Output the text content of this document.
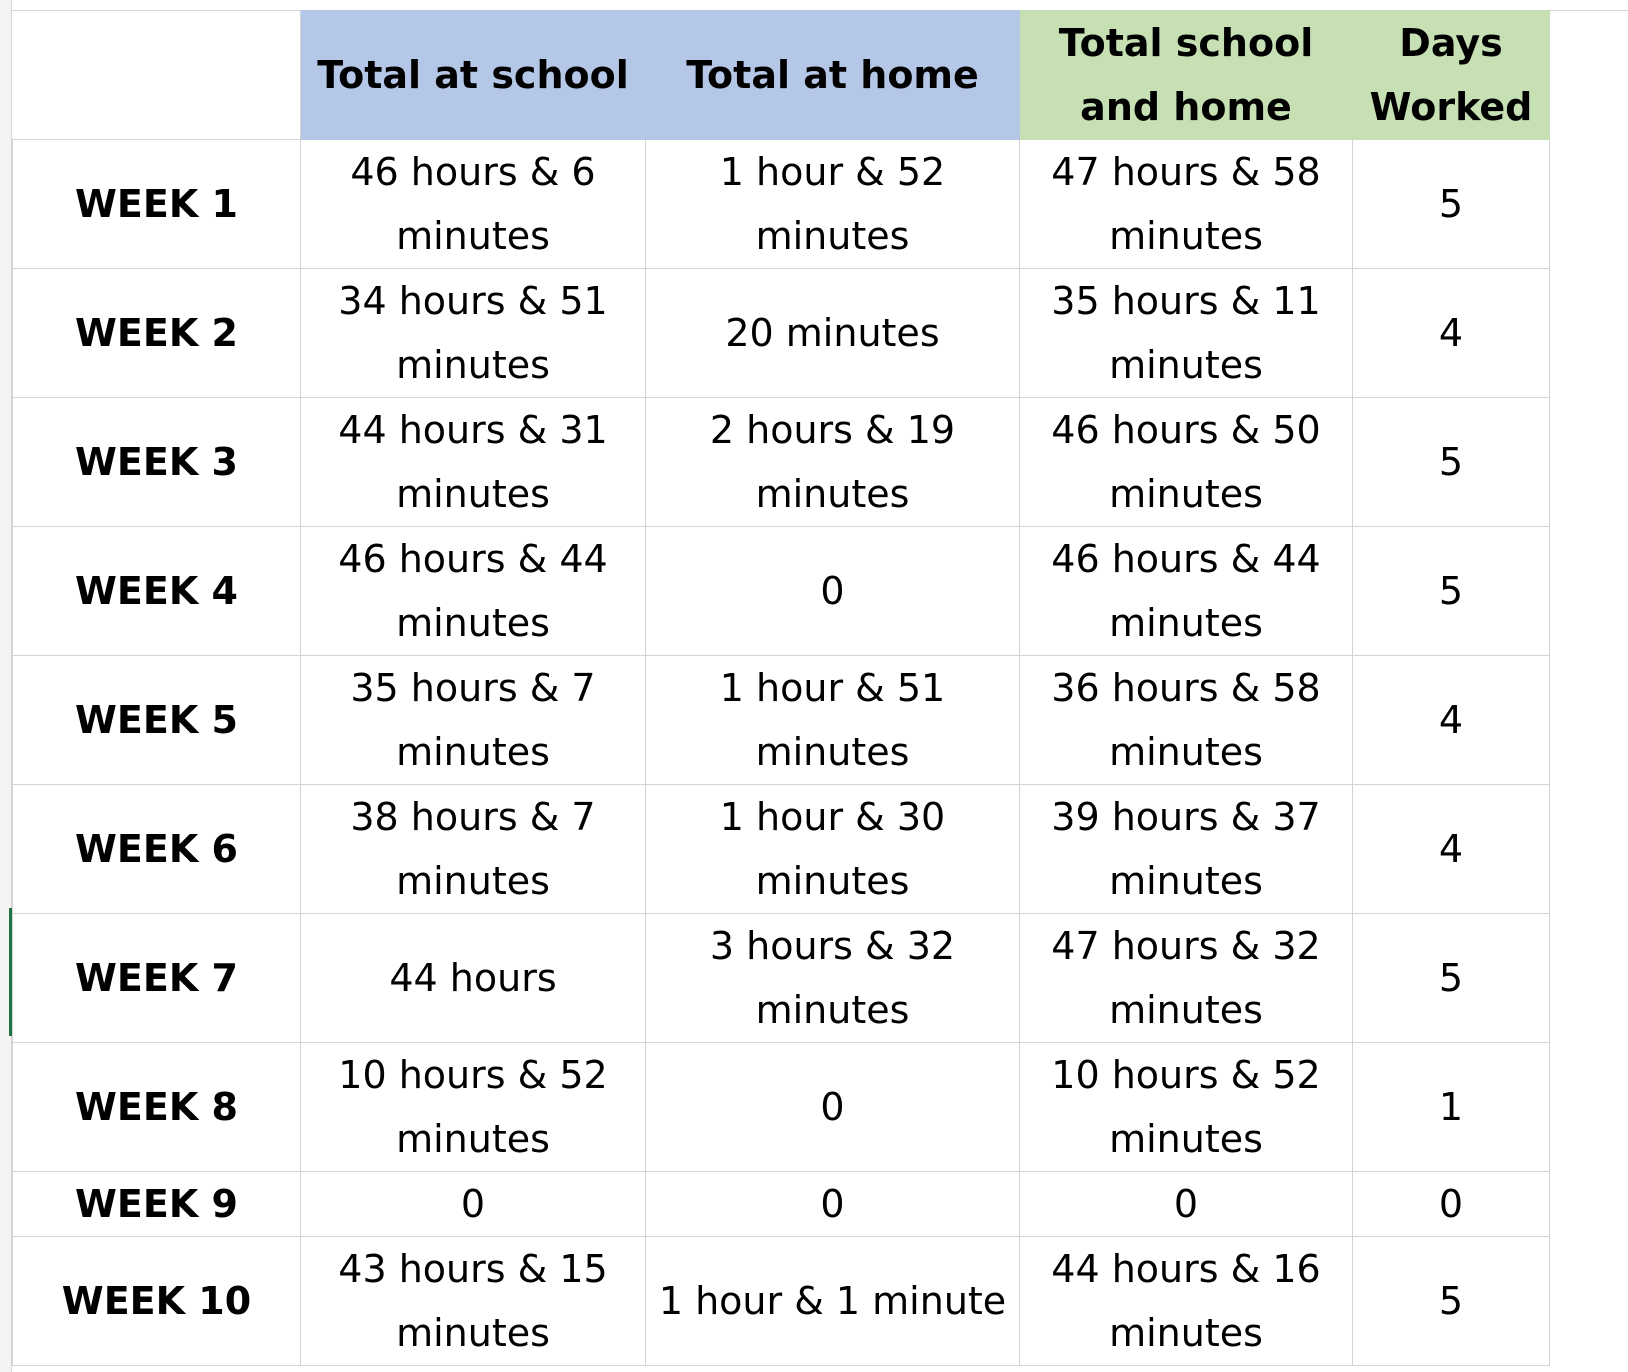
	Total at school	Total at home	Total school and home	Days Worked
WEEK 1	46 hours & 6 minutes	1 hour & 52 minutes	47 hours & 58 minutes	5
WEEK 2	34 hours & 51 minutes	20 minutes	35 hours & 11 minutes	4
WEEK 3	44 hours & 31 minutes	2 hours & 19 minutes	46 hours & 50 minutes	5
WEEK 4	46 hours & 44 minutes	0	46 hours & 44 minutes	5
WEEK 5	35 hours & 7 minutes	1 hour & 51 minutes	36 hours & 58 minutes	4
WEEK 6	38 hours & 7 minutes	1 hour & 30 minutes	39 hours & 37 minutes	4
WEEK 7	44 hours	3 hours & 32 minutes	47 hours & 32 minutes	5
WEEK 8	10 hours & 52 minutes	0	10 hours & 52 minutes	1
WEEK 9	0	0	0	0
WEEK 10	43 hours & 15 minutes	1 hour & 1 minute	44 hours & 16 minutes	5
